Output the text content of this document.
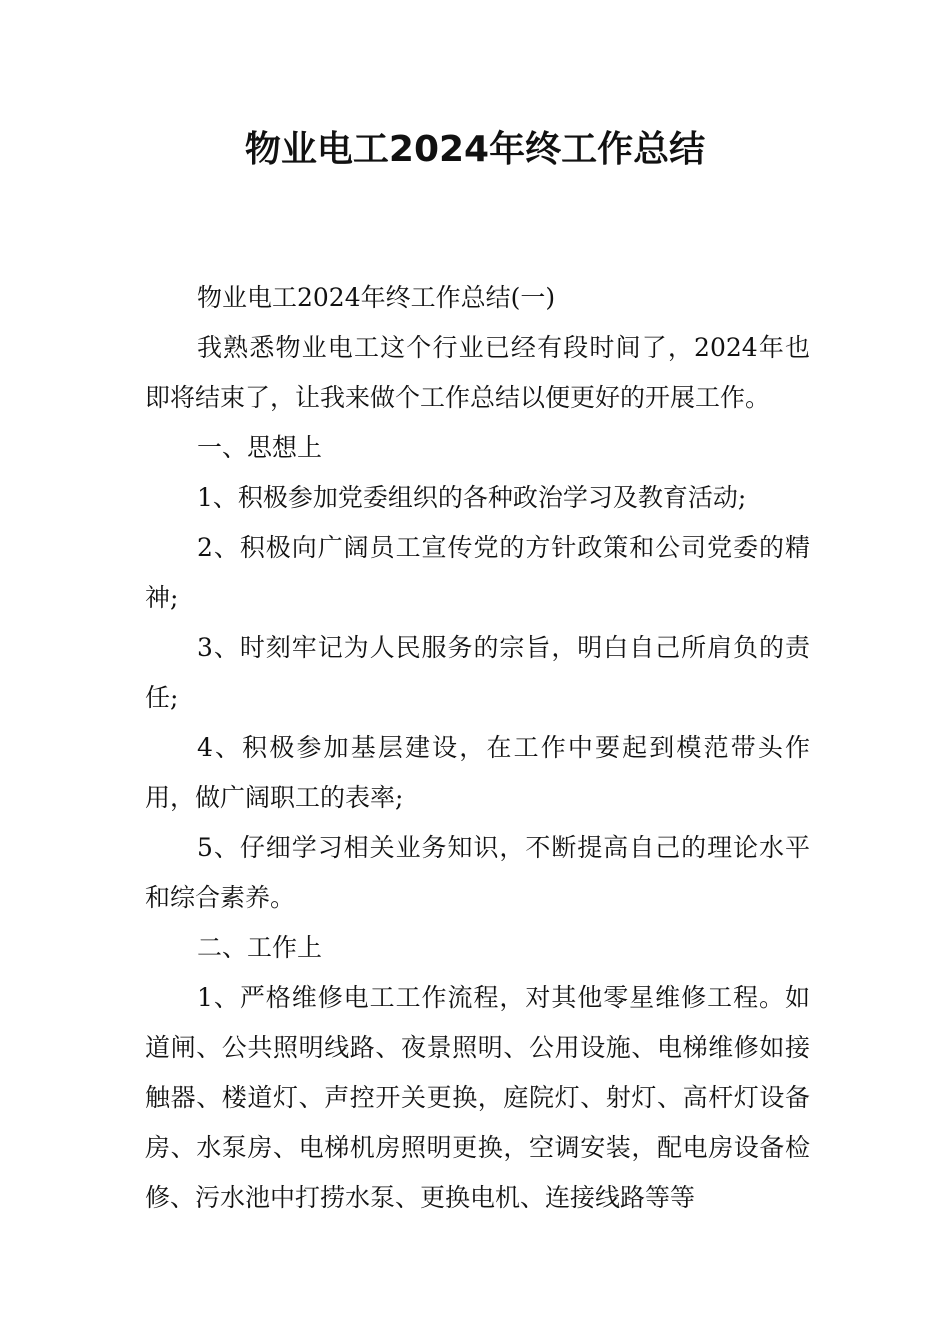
物业电工2024年终工作总结

物业电工2024年终工作总结(一)

我熟悉物业电工这个行业已经有段时间了，2024年也即将结束了，让我来做个工作总结以便更好的开展工作。

一、思想上

1、积极参加党委组织的各种政治学习及教育活动;

2、积极向广阔员工宣传党的方针政策和公司党委的精神;

3、时刻牢记为人民服务的宗旨，明白自己所肩负的责任;

4、积极参加基层建设，在工作中要起到模范带头作用，做广阔职工的表率;

5、仔细学习相关业务知识，不断提高自己的理论水平和综合素养。

二、工作上

1、严格维修电工工作流程，对其他零星维修工程。如道闸、公共照明线路、夜景照明、公用设施、电梯维修如接触器、楼道灯、声控开关更换，庭院灯、射灯、高杆灯设备房、水泵房、电梯机房照明更换，空调安装，配电房设备检修、污水池中打捞水泵、更换电机、连接线路等等
